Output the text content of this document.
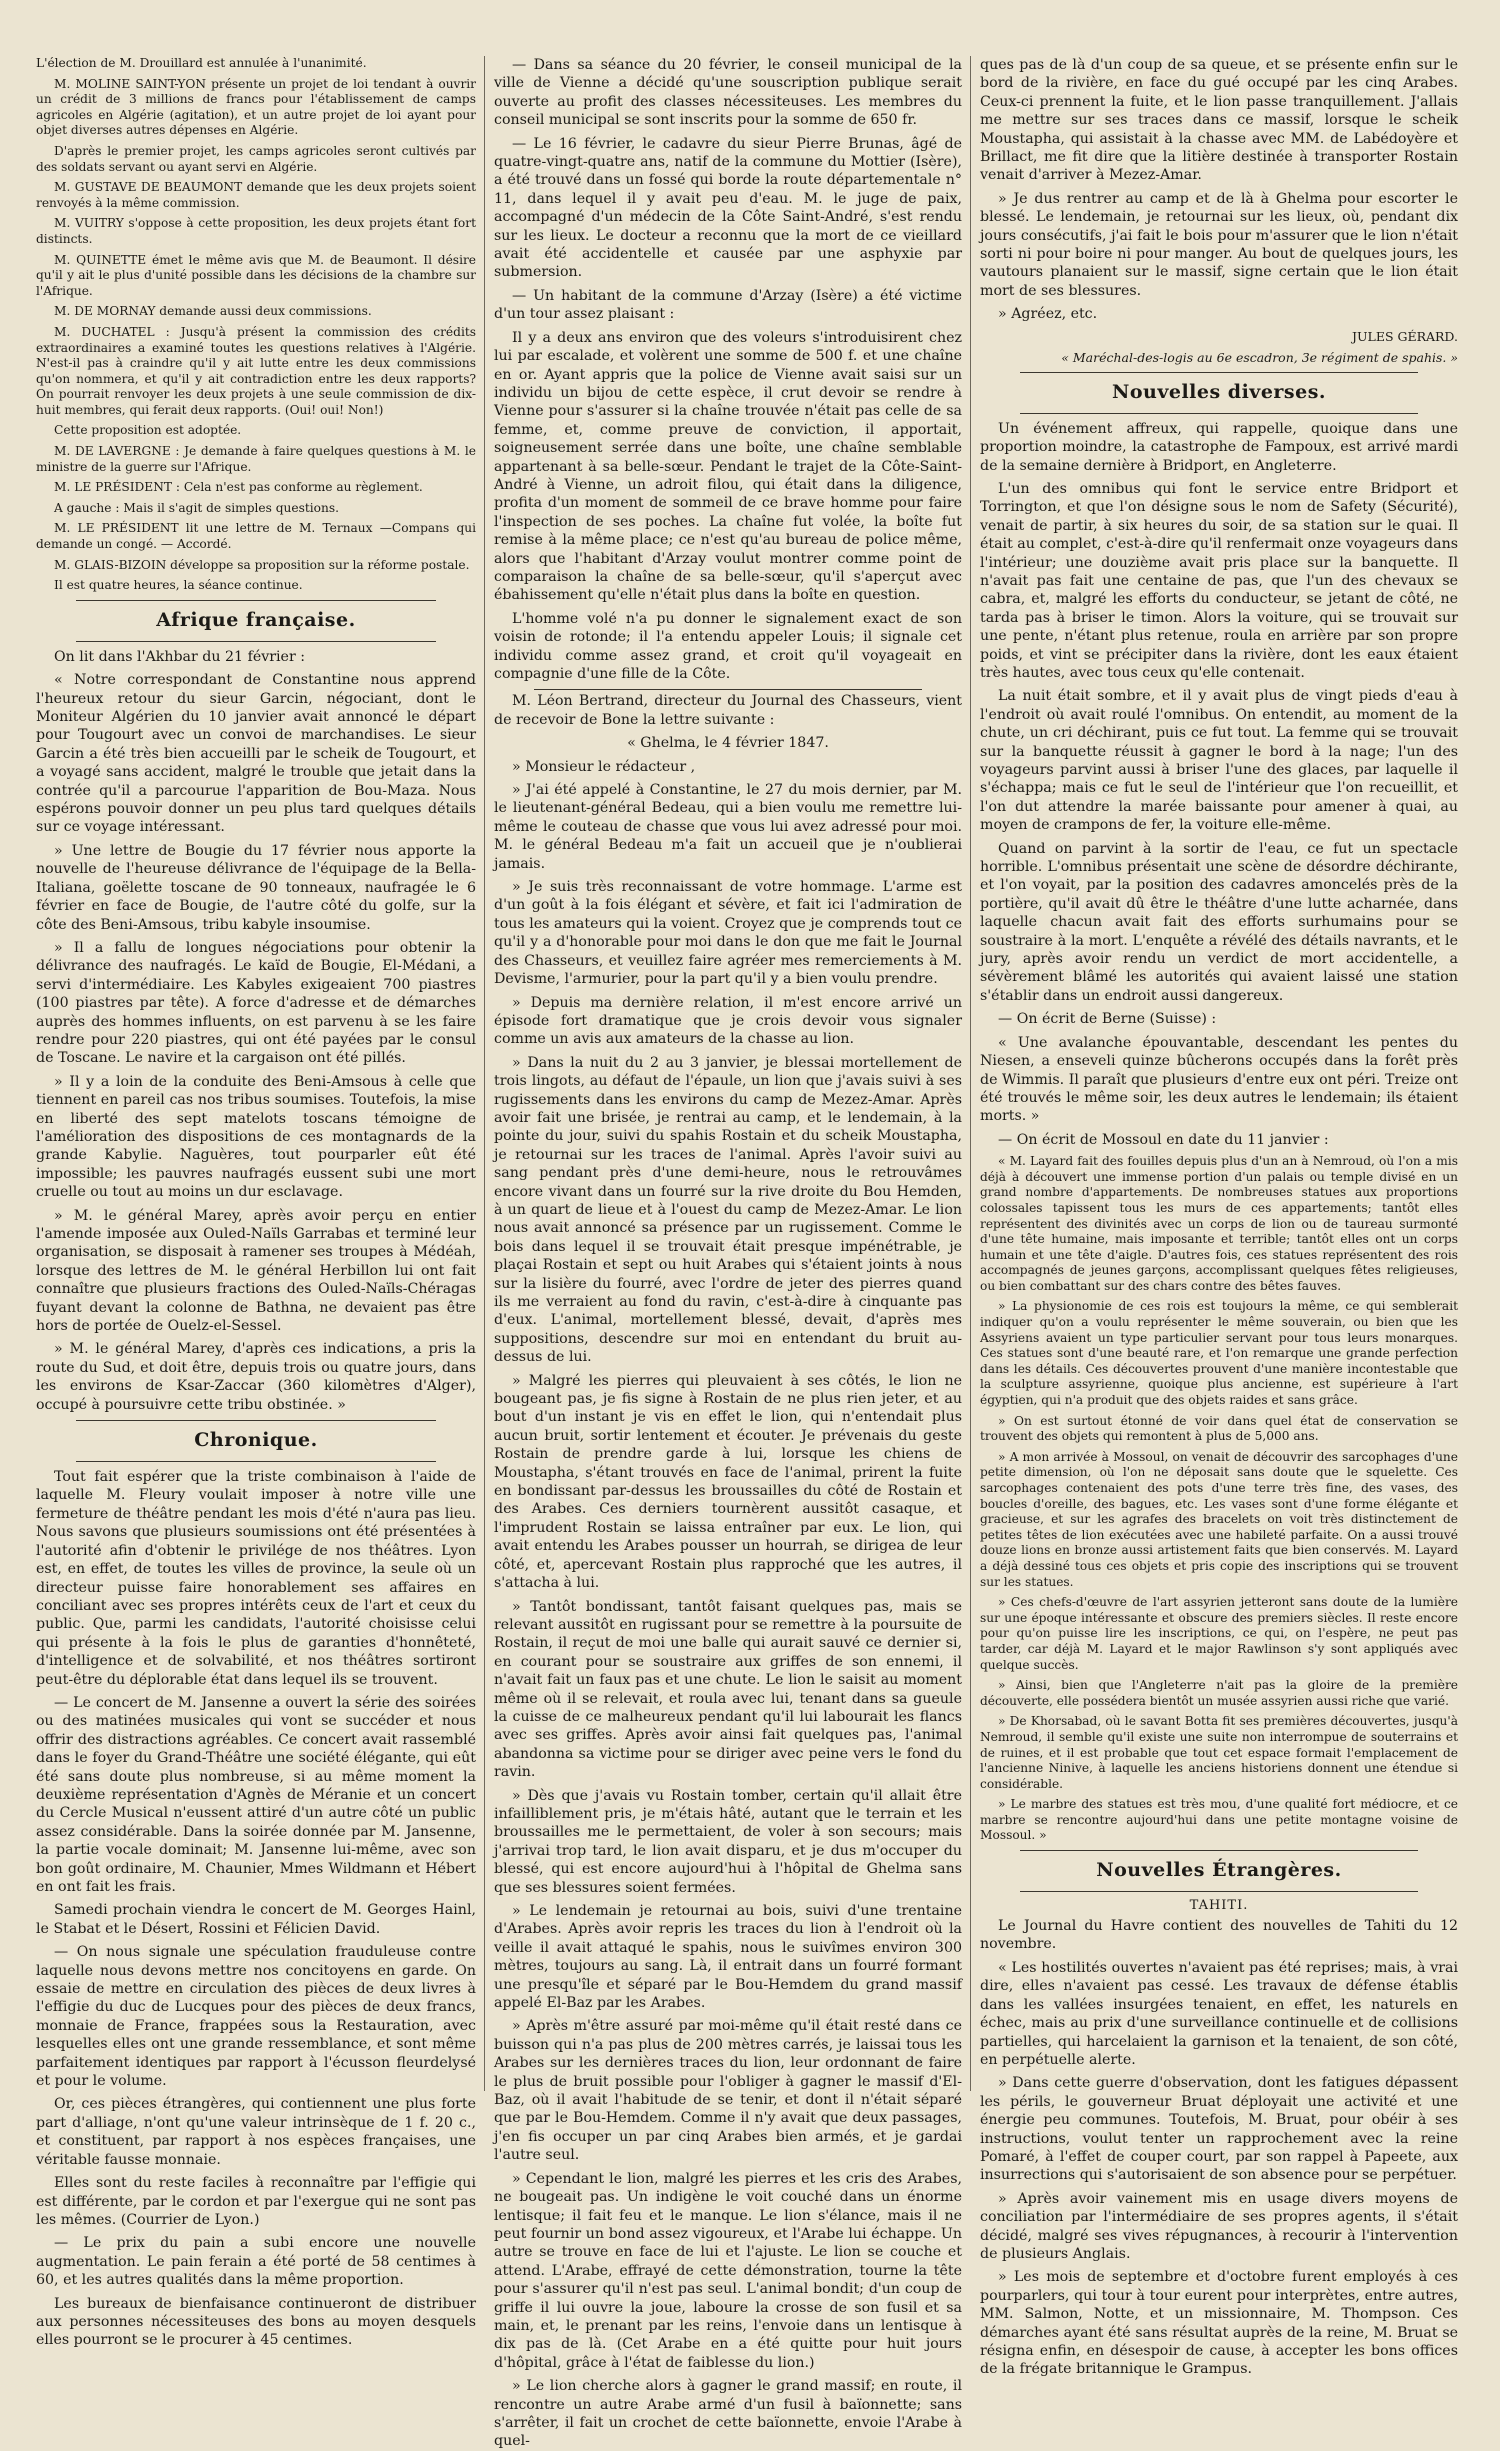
L'élection de M. Drouillard est annulée à l'unanimité.

M. MOLINE SAINT-YON présente un projet de loi tendant à ouvrir un crédit de 3 millions de francs pour l'établissement de camps agricoles en Algérie (agitation), et un autre projet de loi ayant pour objet diverses autres dépenses en Algérie.

D'après le premier projet, les camps agricoles seront cultivés par des soldats servant ou ayant servi en Algérie.

M. GUSTAVE DE BEAUMONT demande que les deux projets soient renvoyés à la même commission.

M. VUITRY s'oppose à cette proposition, les deux projets étant fort distincts.

M. QUINETTE émet le même avis que M. de Beaumont. Il désire qu'il y ait le plus d'unité possible dans les décisions de la chambre sur l'Afrique.

M. DE MORNAY demande aussi deux commissions.

M. DUCHATEL : Jusqu'à présent la commission des crédits extraordinaires a examiné toutes les questions relatives à l'Algérie. N'est-il pas à craindre qu'il y ait lutte entre les deux commissions qu'on nommera, et qu'il y ait contradiction entre les deux rapports? On pourrait renvoyer les deux projets à une seule commission de dix-huit membres, qui ferait deux rapports. (Oui! oui! Non!)

Cette proposition est adoptée.

M. DE LAVERGNE : Je demande à faire quelques questions à M. le ministre de la guerre sur l'Afrique.

M. LE PRÉSIDENT : Cela n'est pas conforme au règlement.

A gauche : Mais il s'agit de simples questions.

M. LE PRÉSIDENT lit une lettre de M. Ternaux —Compans qui demande un congé. — Accordé.

M. GLAIS-BIZOIN développe sa proposition sur la réforme postale.

Il est quatre heures, la séance continue.

Afrique française.

On lit dans l'Akhbar du 21 février :

« Notre correspondant de Constantine nous apprend l'heureux retour du sieur Garcin, négociant, dont le Moniteur Algérien du 10 janvier avait annoncé le départ pour Tougourt avec un convoi de marchandises. Le sieur Garcin a été très bien accueilli par le scheik de Tougourt, et a voyagé sans accident, malgré le trouble que jetait dans la contrée qu'il a parcourue l'apparition de Bou-Maza. Nous espérons pouvoir donner un peu plus tard quelques détails sur ce voyage intéressant.

» Une lettre de Bougie du 17 février nous apporte la nouvelle de l'heureuse délivrance de l'équipage de la Bella-Italiana, goëlette toscane de 90 tonneaux, naufragée le 6 février en face de Bougie, de l'autre côté du golfe, sur la côte des Beni-Amsous, tribu kabyle insoumise.

» Il a fallu de longues négociations pour obtenir la délivrance des naufragés. Le kaïd de Bougie, El-Médani, a servi d'intermédiaire. Les Kabyles exigeaient 700 piastres (100 piastres par tête). A force d'adresse et de démarches auprès des hommes influents, on est parvenu à se les faire rendre pour 220 piastres, qui ont été payées par le consul de Toscane. Le navire et la cargaison ont été pillés.

» Il y a loin de la conduite des Beni-Amsous à celle que tiennent en pareil cas nos tribus soumises. Toutefois, la mise en liberté des sept matelots toscans témoigne de l'amélioration des dispositions de ces montagnards de la grande Kabylie. Naguères, tout pourparler eût été impossible; les pauvres naufragés eussent subi une mort cruelle ou tout au moins un dur esclavage.

» M. le général Marey, après avoir perçu en entier l'amende imposée aux Ouled-Naïls Garrabas et terminé leur organisation, se disposait à ramener ses troupes à Médéah, lorsque des lettres de M. le général Herbillon lui ont fait connaître que plusieurs fractions des Ouled-Naïls-Chéragas fuyant devant la colonne de Bathna, ne devaient pas être hors de portée de Ouelz-el-Sessel.

» M. le général Marey, d'après ces indications, a pris la route du Sud, et doit être, depuis trois ou quatre jours, dans les environs de Ksar-Zaccar (360 kilomètres d'Alger), occupé à poursuivre cette tribu obstinée. »

Chronique.

Tout fait espérer que la triste combinaison à l'aide de laquelle M. Fleury voulait imposer à notre ville une fermeture de théâtre pendant les mois d'été n'aura pas lieu. Nous savons que plusieurs soumissions ont été présentées à l'autorité afin d'obtenir le privilége de nos théâtres. Lyon est, en effet, de toutes les villes de province, la seule où un directeur puisse faire honorablement ses affaires en conciliant avec ses propres intérêts ceux de l'art et ceux du public. Que, parmi les candidats, l'autorité choisisse celui qui présente à la fois le plus de garanties d'honnêteté, d'intelligence et de solvabilité, et nos théâtres sortiront peut-être du déplorable état dans lequel ils se trouvent.

— Le concert de M. Jansenne a ouvert la série des soirées ou des matinées musicales qui vont se succéder et nous offrir des distractions agréables. Ce concert avait rassemblé dans le foyer du Grand-Théâtre une société élégante, qui eût été sans doute plus nombreuse, si au même moment la deuxième représentation d'Agnès de Méranie et un concert du Cercle Musical n'eussent attiré d'un autre côté un public assez considérable. Dans la soirée donnée par M. Jansenne, la partie vocale dominait; M. Jansenne lui-même, avec son bon goût ordinaire, M. Chaunier, Mmes Wildmann et Hébert en ont fait les frais.

Samedi prochain viendra le concert de M. Georges Hainl, le Stabat et le Désert, Rossini et Félicien David.

— On nous signale une spéculation frauduleuse contre laquelle nous devons mettre nos concitoyens en garde. On essaie de mettre en circulation des pièces de deux livres à l'effigie du duc de Lucques pour des pièces de deux francs, monnaie de France, frappées sous la Restauration, avec lesquelles elles ont une grande ressemblance, et sont même parfaitement identiques par rapport à l'écusson fleurdelysé et pour le volume.

Or, ces pièces étrangères, qui contiennent une plus forte part d'alliage, n'ont qu'une valeur intrinsèque de 1 f. 20 c., et constituent, par rapport à nos espèces françaises, une véritable fausse monnaie.

Elles sont du reste faciles à reconnaître par l'effigie qui est différente, par le cordon et par l'exergue qui ne sont pas les mêmes. (Courrier de Lyon.)

— Le prix du pain a subi encore une nouvelle augmentation. Le pain ferain a été porté de 58 centimes à 60, et les autres qualités dans la même proportion.

Les bureaux de bienfaisance continueront de distribuer aux personnes nécessiteuses des bons au moyen desquels elles pourront se le procurer à 45 centimes.

— Dans sa séance du 20 février, le conseil municipal de la ville de Vienne a décidé qu'une souscription publique serait ouverte au profit des classes nécessiteuses. Les membres du conseil municipal se sont inscrits pour la somme de 650 fr.

— Le 16 février, le cadavre du sieur Pierre Brunas, âgé de quatre-vingt-quatre ans, natif de la commune du Mottier (Isère), a été trouvé dans un fossé qui borde la route départementale n° 11, dans lequel il y avait peu d'eau. M. le juge de paix, accompagné d'un médecin de la Côte Saint-André, s'est rendu sur les lieux. Le docteur a reconnu que la mort de ce vieillard avait été accidentelle et causée par une asphyxie par submersion.

— Un habitant de la commune d'Arzay (Isère) a été victime d'un tour assez plaisant :

Il y a deux ans environ que des voleurs s'introduisirent chez lui par escalade, et volèrent une somme de 500 f. et une chaîne en or. Ayant appris que la police de Vienne avait saisi sur un individu un bijou de cette espèce, il crut devoir se rendre à Vienne pour s'assurer si la chaîne trouvée n'était pas celle de sa femme, et, comme preuve de conviction, il apportait, soigneusement serrée dans une boîte, une chaîne semblable appartenant à sa belle-sœur. Pendant le trajet de la Côte-Saint-André à Vienne, un adroit filou, qui était dans la diligence, profita d'un moment de sommeil de ce brave homme pour faire l'inspection de ses poches. La chaîne fut volée, la boîte fut remise à la même place; ce n'est qu'au bureau de police même, alors que l'habitant d'Arzay voulut montrer comme point de comparaison la chaîne de sa belle-sœur, qu'il s'aperçut avec ébahissement qu'elle n'était plus dans la boîte en question.

L'homme volé n'a pu donner le signalement exact de son voisin de rotonde; il l'a entendu appeler Louis; il signale cet individu comme assez grand, et croit qu'il voyageait en compagnie d'une fille de la Côte.

M. Léon Bertrand, directeur du Journal des Chasseurs, vient de recevoir de Bone la lettre suivante :

« Ghelma, le 4 février 1847.

» Monsieur le rédacteur ,

» J'ai été appelé à Constantine, le 27 du mois dernier, par M. le lieutenant-général Bedeau, qui a bien voulu me remettre lui-même le couteau de chasse que vous lui avez adressé pour moi. M. le général Bedeau m'a fait un accueil que je n'oublierai jamais.

» Je suis très reconnaissant de votre hommage. L'arme est d'un goût à la fois élégant et sévère, et fait ici l'admiration de tous les amateurs qui la voient. Croyez que je comprends tout ce qu'il y a d'honorable pour moi dans le don que me fait le Journal des Chasseurs, et veuillez faire agréer mes remerciements à M. Devisme, l'armurier, pour la part qu'il y a bien voulu prendre.

» Depuis ma dernière relation, il m'est encore arrivé un épisode fort dramatique que je crois devoir vous signaler comme un avis aux amateurs de la chasse au lion.

» Dans la nuit du 2 au 3 janvier, je blessai mortellement de trois lingots, au défaut de l'épaule, un lion que j'avais suivi à ses rugissements dans les environs du camp de Mezez-Amar. Après avoir fait une brisée, je rentrai au camp, et le lendemain, à la pointe du jour, suivi du spahis Rostain et du scheik Moustapha, je retournai sur les traces de l'animal. Après l'avoir suivi au sang pendant près d'une demi-heure, nous le retrouvâmes encore vivant dans un fourré sur la rive droite du Bou Hemden, à un quart de lieue et à l'ouest du camp de Mezez-Amar. Le lion nous avait annoncé sa présence par un rugissement. Comme le bois dans lequel il se trouvait était presque impénétrable, je plaçai Rostain et sept ou huit Arabes qui s'étaient joints à nous sur la lisière du fourré, avec l'ordre de jeter des pierres quand ils me verraient au fond du ravin, c'est-à-dire à cinquante pas d'eux. L'animal, mortellement blessé, devait, d'après mes suppositions, descendre sur moi en entendant du bruit au-dessus de lui.

» Malgré les pierres qui pleuvaient à ses côtés, le lion ne bougeant pas, je fis signe à Rostain de ne plus rien jeter, et au bout d'un instant je vis en effet le lion, qui n'entendait plus aucun bruit, sortir lentement et écouter. Je prévenais du geste Rostain de prendre garde à lui, lorsque les chiens de Moustapha, s'étant trouvés en face de l'animal, prirent la fuite en bondissant par-dessus les broussailles du côté de Rostain et des Arabes. Ces derniers tournèrent aussitôt casaque, et l'imprudent Rostain se laissa entraîner par eux. Le lion, qui avait entendu les Arabes pousser un hourrah, se dirigea de leur côté, et, apercevant Rostain plus rapproché que les autres, il s'attacha à lui.

» Tantôt bondissant, tantôt faisant quelques pas, mais se relevant aussitôt en rugissant pour se remettre à la poursuite de Rostain, il reçut de moi une balle qui aurait sauvé ce dernier si, en courant pour se soustraire aux griffes de son ennemi, il n'avait fait un faux pas et une chute. Le lion le saisit au moment même où il se relevait, et roula avec lui, tenant dans sa gueule la cuisse de ce malheureux pendant qu'il lui labourait les flancs avec ses griffes. Après avoir ainsi fait quelques pas, l'animal abandonna sa victime pour se diriger avec peine vers le fond du ravin.

» Dès que j'avais vu Rostain tomber, certain qu'il allait être infailliblement pris, je m'étais hâté, autant que le terrain et les broussailles me le permettaient, de voler à son secours; mais j'arrivai trop tard, le lion avait disparu, et je dus m'occuper du blessé, qui est encore aujourd'hui à l'hôpital de Ghelma sans que ses blessures soient fermées.

» Le lendemain je retournai au bois, suivi d'une trentaine d'Arabes. Après avoir repris les traces du lion à l'endroit où la veille il avait attaqué le spahis, nous le suivîmes environ 300 mètres, toujours au sang. Là, il entrait dans un fourré formant une presqu'île et séparé par le Bou-Hemdem du grand massif appelé El-Baz par les Arabes.

» Après m'être assuré par moi-même qu'il était resté dans ce buisson qui n'a pas plus de 200 mètres carrés, je laissai tous les Arabes sur les dernières traces du lion, leur ordonnant de faire le plus de bruit possible pour l'obliger à gagner le massif d'El-Baz, où il avait l'habitude de se tenir, et dont il n'était séparé que par le Bou-Hemdem. Comme il n'y avait que deux passages, j'en fis occuper un par cinq Arabes bien armés, et je gardai l'autre seul.

» Cependant le lion, malgré les pierres et les cris des Arabes, ne bougeait pas. Un indigène le voit couché dans un énorme lentisque; il fait feu et le manque. Le lion s'élance, mais il ne peut fournir un bond assez vigoureux, et l'Arabe lui échappe. Un autre se trouve en face de lui et l'ajuste. Le lion se couche et attend. L'Arabe, effrayé de cette démonstration, tourne la tête pour s'assurer qu'il n'est pas seul. L'animal bondit; d'un coup de griffe il lui ouvre la joue, laboure la crosse de son fusil et sa main, et, le prenant par les reins, l'envoie dans un lentisque à dix pas de là. (Cet Arabe en a été quitte pour huit jours d'hôpital, grâce à l'état de faiblesse du lion.)

» Le lion cherche alors à gagner le grand massif; en route, il rencontre un autre Arabe armé d'un fusil à baïonnette; sans s'arrêter, il fait un crochet de cette baïonnette, envoie l'Arabe à quel-

ques pas de là d'un coup de sa queue, et se présente enfin sur le bord de la rivière, en face du gué occupé par les cinq Arabes. Ceux-ci prennent la fuite, et le lion passe tranquillement. J'allais me mettre sur ses traces dans ce massif, lorsque le scheik Moustapha, qui assistait à la chasse avec MM. de Labédoyère et Brillact, me fit dire que la litière destinée à transporter Rostain venait d'arriver à Mezez-Amar.

» Je dus rentrer au camp et de là à Ghelma pour escorter le blessé. Le lendemain, je retournai sur les lieux, où, pendant dix jours consécutifs, j'ai fait le bois pour m'assurer que le lion n'était sorti ni pour boire ni pour manger. Au bout de quelques jours, les vautours planaient sur le massif, signe certain que le lion était mort de ses blessures.

» Agréez, etc.

JULES GÉRARD.

« Maréchal-des-logis au 6e escadron, 3e régiment de spahis. »

Nouvelles diverses.

Un événement affreux, qui rappelle, quoique dans une proportion moindre, la catastrophe de Fampoux, est arrivé mardi de la semaine dernière à Bridport, en Angleterre.

L'un des omnibus qui font le service entre Bridport et Torrington, et que l'on désigne sous le nom de Safety (Sécurité), venait de partir, à six heures du soir, de sa station sur le quai. Il était au complet, c'est-à-dire qu'il renfermait onze voyageurs dans l'intérieur; une douzième avait pris place sur la banquette. Il n'avait pas fait une centaine de pas, que l'un des chevaux se cabra, et, malgré les efforts du conducteur, se jetant de côté, ne tarda pas à briser le timon. Alors la voiture, qui se trouvait sur une pente, n'étant plus retenue, roula en arrière par son propre poids, et vint se précipiter dans la rivière, dont les eaux étaient très hautes, avec tous ceux qu'elle contenait.

La nuit était sombre, et il y avait plus de vingt pieds d'eau à l'endroit où avait roulé l'omnibus. On entendit, au moment de la chute, un cri déchirant, puis ce fut tout. La femme qui se trouvait sur la banquette réussit à gagner le bord à la nage; l'un des voyageurs parvint aussi à briser l'une des glaces, par laquelle il s'échappa; mais ce fut le seul de l'intérieur que l'on recueillit, et l'on dut attendre la marée baissante pour amener à quai, au moyen de crampons de fer, la voiture elle-même.

Quand on parvint à la sortir de l'eau, ce fut un spectacle horrible. L'omnibus présentait une scène de désordre déchirante, et l'on voyait, par la position des cadavres amoncelés près de la portière, qu'il avait dû être le théâtre d'une lutte acharnée, dans laquelle chacun avait fait des efforts surhumains pour se soustraire à la mort. L'enquête a révélé des détails navrants, et le jury, après avoir rendu un verdict de mort accidentelle, a sévèrement blâmé les autorités qui avaient laissé une station s'établir dans un endroit aussi dangereux.

— On écrit de Berne (Suisse) :

« Une avalanche épouvantable, descendant les pentes du Niesen, a enseveli quinze bûcherons occupés dans la forêt près de Wimmis. Il paraît que plusieurs d'entre eux ont péri. Treize ont été trouvés le même soir, les deux autres le lendemain; ils étaient morts. »

— On écrit de Mossoul en date du 11 janvier :

« M. Layard fait des fouilles depuis plus d'un an à Nemroud, où l'on a mis déjà à découvert une immense portion d'un palais ou temple divisé en un grand nombre d'appartements. De nombreuses statues aux proportions colossales tapissent tous les murs de ces appartements; tantôt elles représentent des divinités avec un corps de lion ou de taureau surmonté d'une tête humaine, mais imposante et terrible; tantôt elles ont un corps humain et une tête d'aigle. D'autres fois, ces statues représentent des rois accompagnés de jeunes garçons, accomplissant quelques fêtes religieuses, ou bien combattant sur des chars contre des bêtes fauves.

» La physionomie de ces rois est toujours la même, ce qui semblerait indiquer qu'on a voulu représenter le même souverain, ou bien que les Assyriens avaient un type particulier servant pour tous leurs monarques. Ces statues sont d'une beauté rare, et l'on remarque une grande perfection dans les détails. Ces découvertes prouvent d'une manière incontestable que la sculpture assyrienne, quoique plus ancienne, est supérieure à l'art égyptien, qui n'a produit que des objets raides et sans grâce.

» On est surtout étonné de voir dans quel état de conservation se trouvent des objets qui remontent à plus de 5,000 ans.

» A mon arrivée à Mossoul, on venait de découvrir des sarcophages d'une petite dimension, où l'on ne déposait sans doute que le squelette. Ces sarcophages contenaient des pots d'une terre très fine, des vases, des boucles d'oreille, des bagues, etc. Les vases sont d'une forme élégante et gracieuse, et sur les agrafes des bracelets on voit très distinctement de petites têtes de lion exécutées avec une habileté parfaite. On a aussi trouvé douze lions en bronze aussi artistement faits que bien conservés. M. Layard a déjà dessiné tous ces objets et pris copie des inscriptions qui se trouvent sur les statues.

» Ces chefs-d'œuvre de l'art assyrien jetteront sans doute de la lumière sur une époque intéressante et obscure des premiers siècles. Il reste encore pour qu'on puisse lire les inscriptions, ce qui, on l'espère, ne peut pas tarder, car déjà M. Layard et le major Rawlinson s'y sont appliqués avec quelque succès.

» Ainsi, bien que l'Angleterre n'ait pas la gloire de la première découverte, elle possédera bientôt un musée assyrien aussi riche que varié.

» De Khorsabad, où le savant Botta fit ses premières découvertes, jusqu'à Nemroud, il semble qu'il existe une suite non interrompue de souterrains et de ruines, et il est probable que tout cet espace formait l'emplacement de l'ancienne Ninive, à laquelle les anciens historiens donnent une étendue si considérable.

» Le marbre des statues est très mou, d'une qualité fort médiocre, et ce marbre se rencontre aujourd'hui dans une petite montagne voisine de Mossoul. »

Nouvelles Étrangères.
TAHITI.

Le Journal du Havre contient des nouvelles de Tahiti du 12 novembre.

« Les hostilités ouvertes n'avaient pas été reprises; mais, à vrai dire, elles n'avaient pas cessé. Les travaux de défense établis dans les vallées insurgées tenaient, en effet, les naturels en échec, mais au prix d'une surveillance continuelle et de collisions partielles, qui harcelaient la garnison et la tenaient, de son côté, en perpétuelle alerte.

» Dans cette guerre d'observation, dont les fatigues dépassent les périls, le gouverneur Bruat déployait une activité et une énergie peu communes. Toutefois, M. Bruat, pour obéir à ses instructions, voulut tenter un rapprochement avec la reine Pomaré, à l'effet de couper court, par son rappel à Papeete, aux insurrections qui s'autorisaient de son absence pour se perpétuer.

» Après avoir vainement mis en usage divers moyens de conciliation par l'intermédiaire de ses propres agents, il s'était décidé, malgré ses vives répugnances, à recourir à l'intervention de plusieurs Anglais.

» Les mois de septembre et d'octobre furent employés à ces pourparlers, qui tour à tour eurent pour interprètes, entre autres, MM. Salmon, Notte, et un missionnaire, M. Thompson. Ces démarches ayant été sans résultat auprès de la reine, M. Bruat se résigna enfin, en désespoir de cause, à accepter les bons offices de la frégate britannique le Grampus.
